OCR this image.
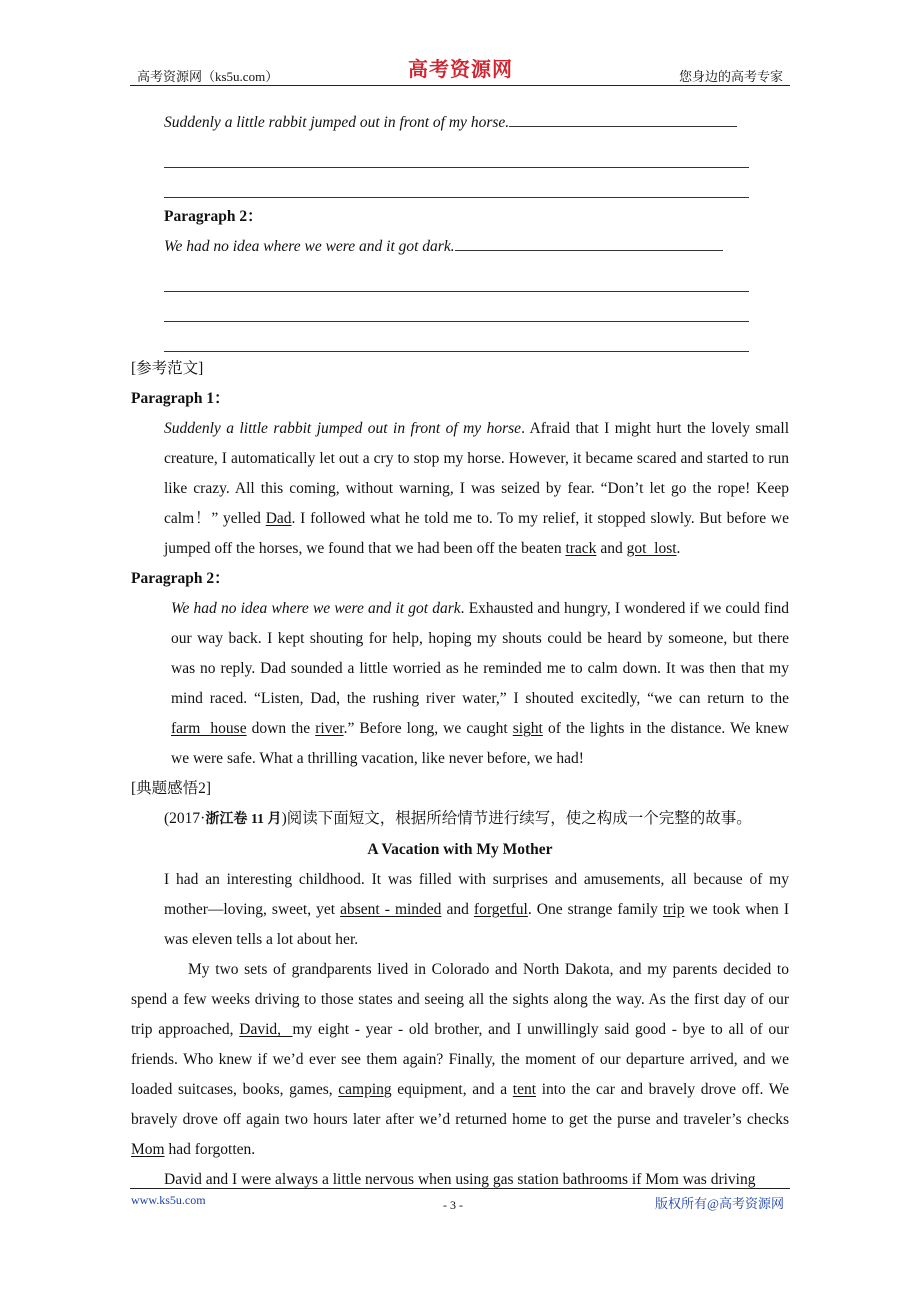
高考资源网（ks5u.com）	高考资源网	您身边的高考专家
Suddenly a little rabbit jumped out in front of my horse.
Paragraph 2：
We had no idea where we were and it got dark.
[参考范文]
Paragraph 1：
Suddenly a little rabbit jumped out in front of my horse. Afraid that I might hurt the lovely small creature, I automatically let out a cry to stop my horse. However, it became scared and started to run like crazy. All this coming, without warning, I was seized by fear. “Don’t let go the rope! Keep calm！” yelled Dad. I followed what he told me to. To my relief, it stopped slowly. But before we jumped off the horses, we found that we had been off the beaten track and got  lost.
Paragraph 2：
We had no idea where we were and it got dark. Exhausted and hungry, I wondered if we could find our way back. I kept shouting for help, hoping my shouts could be heard by someone, but there was no reply. Dad sounded a little worried as he reminded me to calm down. It was then that my mind raced. “Listen, Dad, the rushing river water,” I shouted excitedly, “we can return to the farm  house down the river.” Before long, we caught sight of the lights in the distance. We knew we were safe. What a thrilling vacation, like never before, we had!
[典题感悟2]
(2017·浙江卷 11 月)阅读下面短文，根据所给情节进行续写，使之构成一个完整的故事。
A Vacation with My Mother
I had an interesting childhood. It was filled with surprises and amusements, all because of my mother—loving, sweet, yet absent - minded and forgetful. One strange family trip we took when I was eleven tells a lot about her.
My two sets of grandparents lived in Colorado and North Dakota, and my parents decided to spend a few weeks driving to those states and seeing all the sights along the way. As the first day of our trip approached, David,  my eight - year - old brother, and I unwillingly said good - bye to all of our friends. Who knew if we’d ever see them again? Finally, the moment of our departure arrived, and we loaded suitcases, books, games, camping equipment, and a tent into the car and bravely drove off. We bravely drove off again two hours later after we’d returned home to get the purse and traveler’s checks Mom had forgotten.
David and I were always a little nervous when using gas station bathrooms if Mom was driving
www.ks5u.com	- 3 -	版权所有@高考资源网
